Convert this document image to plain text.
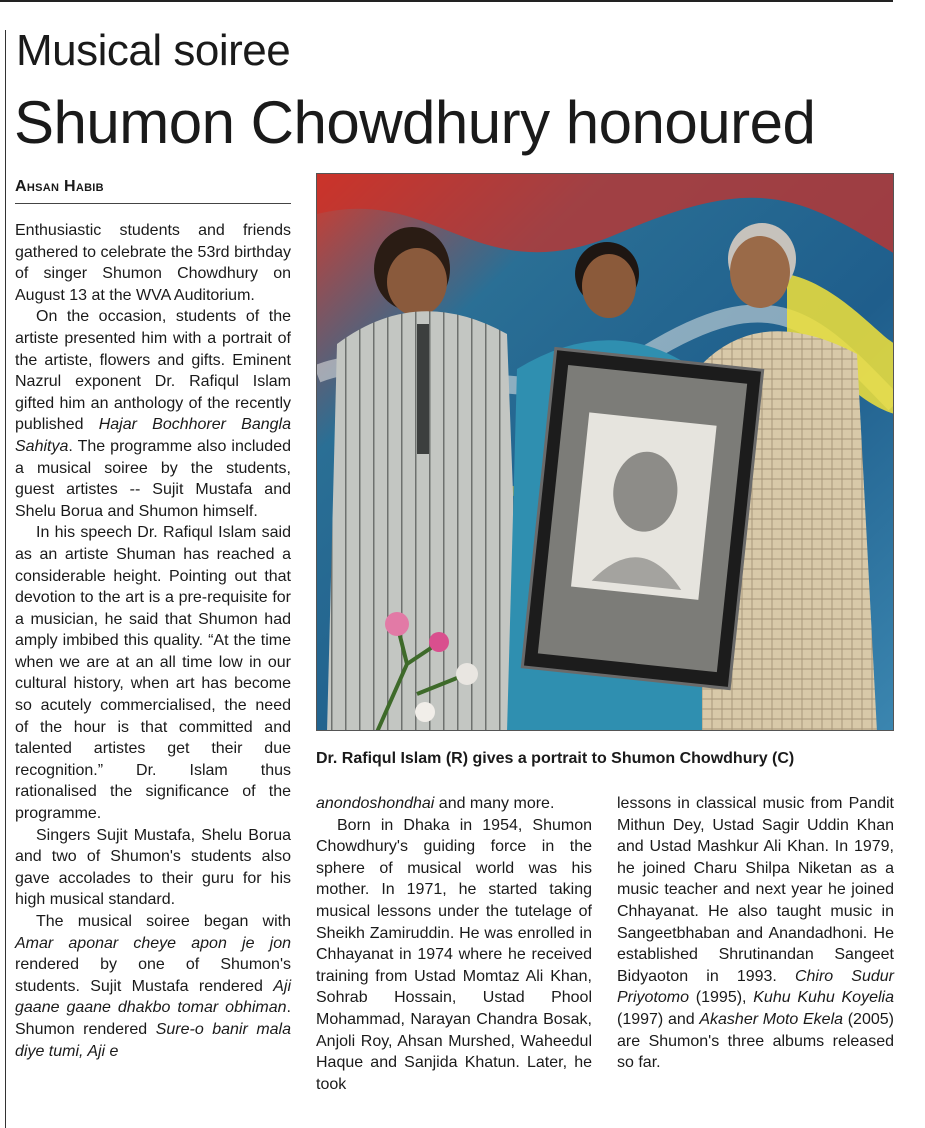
Musical soiree
Shumon Chowdhury honoured
Ahsan Habib

Enthusiastic students and friends gathered to celebrate the 53rd birthday of singer Shumon Chowdhury on August 13 at the WVA Auditorium.

On the occasion, students of the artiste presented him with a portrait of the artiste, flowers and gifts. Eminent Nazrul exponent Dr. Rafiqul Islam gifted him an anthology of the recently published Hajar Bochhorer Bangla Sahitya. The programme also included a musical soiree by the students, guest artistes -- Sujit Mustafa and Shelu Borua and Shumon himself.

In his speech Dr. Rafiqul Islam said as an artiste Shuman has reached a considerable height. Pointing out that devotion to the art is a pre-requisite for a musician, he said that Shumon had amply imbibed this quality. “At the time when we are at an all time low in our cultural history, when art has become so acutely commercialised, the need of the hour is that committed and talented artistes get their due recognition.” Dr. Islam thus rationalised the significance of the programme.

Singers Sujit Mustafa, Shelu Borua and two of Shumon's students also gave accolades to their guru for his high musical standard.

The musical soiree began with Amar aponar cheye apon je jon rendered by one of Shumon's students. Sujit Mustafa rendered Aji gaane gaane dhakbo tomar obhiman. Shumon rendered Sure-o banir mala diye tumi, Aji e

Dr. Rafiqul Islam (R) gives a portrait to Shumon Chowdhury (C)

anondoshondhai and many more.

Born in Dhaka in 1954, Shumon Chowdhury's guiding force in the sphere of musical world was his mother. In 1971, he started taking musical lessons under the tutelage of Sheikh Zamiruddin. He was enrolled in Chhayanat in 1974 where he received training from Ustad Momtaz Ali Khan, Sohrab Hossain, Ustad Phool Mohammad, Narayan Chandra Bosak, Anjoli Roy, Ahsan Murshed, Waheedul Haque and Sanjida Khatun. Later, he took

lessons in classical music from Pandit Mithun Dey, Ustad Sagir Uddin Khan and Ustad Mashkur Ali Khan. In 1979, he joined Charu Shilpa Niketan as a music teacher and next year he joined Chhayanat. He also taught music in Sangeetbhaban and Anandadhoni. He established Shrutinandan Sangeet Bidyaoton in 1993. Chiro Sudur Priyotomo (1995), Kuhu Kuhu Koyelia (1997) and Akasher Moto Ekela (2005) are Shumon's three albums released so far.
